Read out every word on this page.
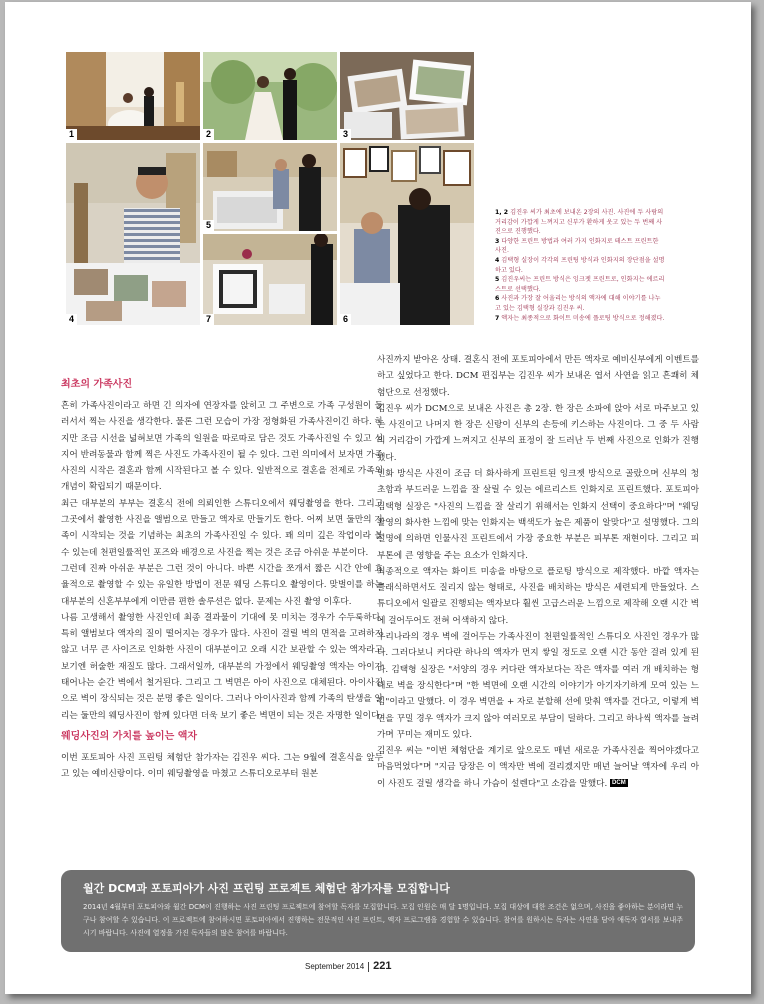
1	2	3
4
5
6
7

1, 2 김진우 씨가 최초에 보내온 2장의 사진. 사진에 두 사람의 거리감이 가깝게 느껴지고 신부가 환하게 웃고 있는 두 번째 사진으로 진행했다.

3 다양한 프린트 방법과 여러 가지 인화지로 테스트 프린트한 사진.

4 김택형 실장이 각각의 프린팅 방식과 인화지의 장단점을 설명하고 있다.

5 김진우씨는 프린트 방식은 잉크젯 프린트로, 인화지는 에르리스트로 선택했다.

6 사진과 가장 잘 어울리는 방식의 액자에 대해 이야기를 나누고 있는 김택형 실장과 김진우 씨.

7 액자는 최종적으로 화이트 미송에 플로팅 방식으로 정해졌다.

최초의 가족사진

흔히 가족사진이라고 하면 긴 의자에 연장자를 앉히고 그 주변으로 가족 구성원이 둘러서서 찍는 사진을 생각한다. 물론 그런 모습이 가장 정형화된 가족사진이긴 하다. 하지만 조금 시선을 넓혀보면 가족의 일원을 따로따로 담은 것도 가족사진일 수 있고 심지어 반려동물과 함께 찍은 사진도 가족사진이 될 수 있다. 그런 의미에서 보자면 가족사진의 시작은 결혼과 함께 시작된다고 볼 수 있다. 일반적으로 결혼을 전제로 가족의 개념이 확립되기 때문이다.

최근 대부분의 부부는 결혼식 전에 의뢰인한 스튜디오에서 웨딩촬영을 한다. 그리고 그곳에서 촬영한 사진을 앨범으로 만들고 액자로 만들기도 한다. 어찌 보면 둘만의 가족이 시작되는 것을 기념하는 최초의 가족사진일 수 있다. 꽤 의미 깊은 작업이라 볼 수 있는데 천편일률적인 포즈와 배경으로 사진을 찍는 것은 조금 아쉬운 부분이다.

그런데 진짜 아쉬운 부분은 그런 것이 아니다. 바쁜 시간을 쪼개서 짧은 시간 안에 효율적으로 촬영할 수 있는 유일한 방법이 전문 웨딩 스튜디오 촬영이다. 맞벌이를 하는 대부분의 신혼부부에게 이만큼 편한 솔루션은 없다. 문제는 사진 촬영 이후다.

나름 고생해서 촬영한 사진인데 최종 결과물이 기대에 못 미치는 경우가 수두룩하다. 특히 앨범보다 액자의 질이 떨어지는 경우가 많다. 사진이 걸릴 벽의 면적을 고려하지 않고 너무 큰 사이즈로 인화한 사진이 대부분이고 오래 시간 보관할 수 있는 액자라고 보기엔 허술한 재질도 많다. 그래서일까, 대부분의 가정에서 웨딩촬영 액자는 아이가 태어나는 순간 벽에서 철거된다. 그리고 그 벽면은 아이 사진으로 대체된다. 아이사진으로 벽이 장식되는 것은 분명 좋은 일이다. 그러나 아이사진과 함께 가족의 탄생을 알리는 둘만의 웨딩사진이 함께 있다면 더욱 보기 좋은 벽면이 되는 것은 자명한 일이다.

웨딩사진의 가치를 높이는 액자

이번 포토피아 사진 프린팅 체험단 참가자는 김진우 씨다. 그는 9월에 결혼식을 앞두고 있는 예비신랑이다. 이미 웨딩촬영을 마쳤고 스튜디오로부터 원본

사진까지 받아온 상태. 결혼식 전에 포토피아에서 만든 액자로 예비신부에게 이벤트를 하고 싶었다고 한다. DCM 편집부는 김진우 씨가 보내온 엽서 사연을 읽고 흔쾌히 체험단으로 선정했다.

김진우 씨가 DCM으로 보내온 사진은 총 2장. 한 장은 소파에 앉아 서로 마주보고 있는 사진이고 나머지 한 장은 신랑이 신부의 손등에 키스하는 사진이다. 그 중 두 사람의 거리감이 가깝게 느껴지고 신부의 표정이 잘 드러난 두 번째 사진으로 인화가 진행됐다.

인화 방식은 사진이 조금 더 화사하게 프린트된 잉크젯 방식으로 골랐으며 신부의 청초함과 부드러운 느낌을 잘 살릴 수 있는 에르리스트 인화지로 프린트했다. 포토피아 김택형 실장은 "사진의 느낌을 잘 살리기 위해서는 인화지 선택이 중요하다"며 "웨딩촬영의 화사한 느낌에 맞는 인화지는 백색도가 높은 제품이 알맞다"고 설명했다. 그의 설명에 의하면 인물사진 프린트에서 가장 중요한 부분은 피부톤 재현이다. 그리고 피부톤에 큰 영향을 주는 요소가 인화지다.

최종적으로 액자는 화이트 미송을 바탕으로 플로팅 방식으로 제작했다. 바깥 액자는 클래식하면서도 질리지 않는 형태로, 사진을 배치하는 방식은 세련되게 만들었다. 스튜디오에서 일괄로 진행되는 액자보다 훨씬 고급스러운 느낌으로 제작해 오랜 시간 벽에 걸어두어도 전혀 어색하지 않다.

우리나라의 경우 벽에 걸어두는 가족사진이 천편일률적인 스튜디오 사진인 경우가 많다. 그러다보니 커다란 하나의 액자가 먼지 쌓일 정도로 오랜 시간 동안 걸려 있게 된다. 김택형 실장은 "서양의 경우 커다란 액자보다는 작은 액자를 여러 개 배치하는 형태로 벽을 장식한다"며 "한 벽면에 오랜 시간의 이야기가 아기자기하게 모여 있는 느낌"이라고 말했다. 이 경우 벽면을 + 자로 분할해 선에 맞춰 액자를 건다고, 이렇게 벽면을 꾸밀 경우 액자가 크지 않아 여러모로 부담이 덜하다. 그리고 하나씩 액자를 늘려가며 꾸미는 재미도 있다.

김진우 씨는 "이번 체험단을 계기로 앞으로도 매년 새로운 가족사진을 찍어야겠다고 마음먹었다"며 "지금 당장은 이 액자만 벽에 걸리겠지만 매년 늘어날 액자에 우리 아이 사진도 걸릴 생각을 하니 가슴이 설렌다"고 소감을 말했다. DCM

월간 DCM과 포토피아가 사진 프린팅 프로젝트 체험단 참가자를 모집합니다

2014년 4월부터 포토피아와 월간 DCM이 진행하는 사진 프린팅 프로젝트에 참여할 독자를 모집합니다. 모집 인원은 매 달 1명입니다. 모집 대상에 대한 조건은 없으며, 사진을 좋아하는 분이라면 누구나 참여할 수 있습니다. 이 프로젝트에 참여하시면 포토피아에서 진행하는 전문적인 사진 프린트, 액자 프로그램을 경험할 수 있습니다. 참여를 원하시는 독자는 사연을 담아 애독자 엽서를 보내주시기 바랍니다. 사진에 열정을 가진 독자들의 많은 참여를 바랍니다.

September 2014 221
